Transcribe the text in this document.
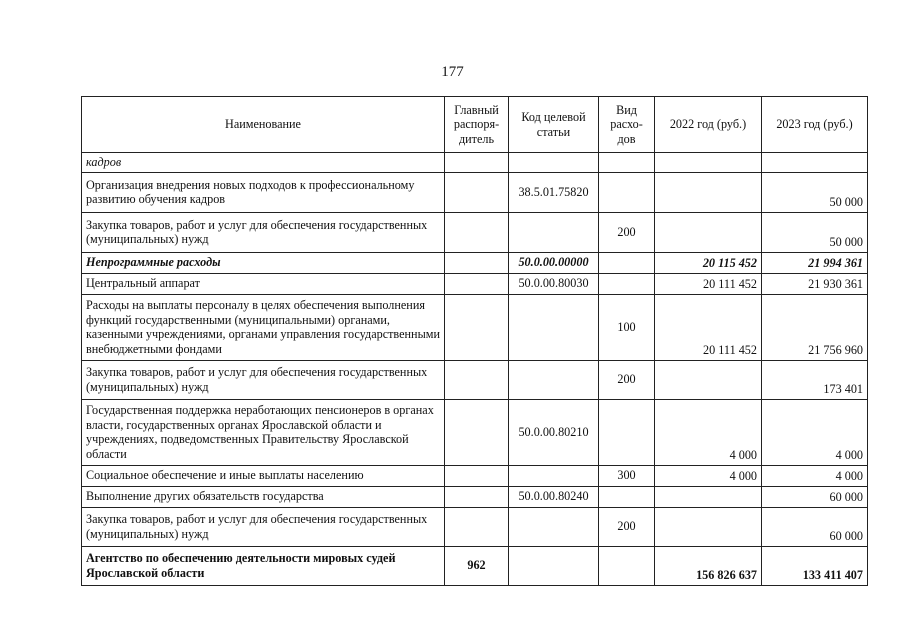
177
Наименование	Главный распоря-дитель	Код целевой статьи	Вид расхо-дов	2022 год (руб.)	2023 год (руб.)
кадров					
Организация внедрения новых подходов к профессиональному развитию обучения кадров		38.5.01.75820			50 000
Закупка товаров, работ и услуг для обеспечения государственных (муниципальных) нужд			200		50 000
Непрограммные расходы		50.0.00.00000		20 115 452	21 994 361
Центральный аппарат		50.0.00.80030		20 111 452	21 930 361
Расходы на выплаты персоналу в целях обеспечения выполнения функций государственными (муниципальными) органами, казенными учреждениями, органами управления государственными внебюджетными фондами			100	20 111 452	21 756 960
Закупка товаров, работ и услуг для обеспечения государственных (муниципальных) нужд			200		173 401
Государственная поддержка неработающих пенсионеров в органах власти, государственных органах Ярославской области и учреждениях, подведомственных Правительству Ярославской области		50.0.00.80210		4 000	4 000
Социальное обеспечение и иные выплаты населению			300	4 000	4 000
Выполнение других обязательств государства		50.0.00.80240			60 000
Закупка товаров, работ и услуг для обеспечения государственных (муниципальных) нужд			200		60 000
Агентство по обеспечению деятельности мировых судей Ярославской области	962			156 826 637	133 411 407
